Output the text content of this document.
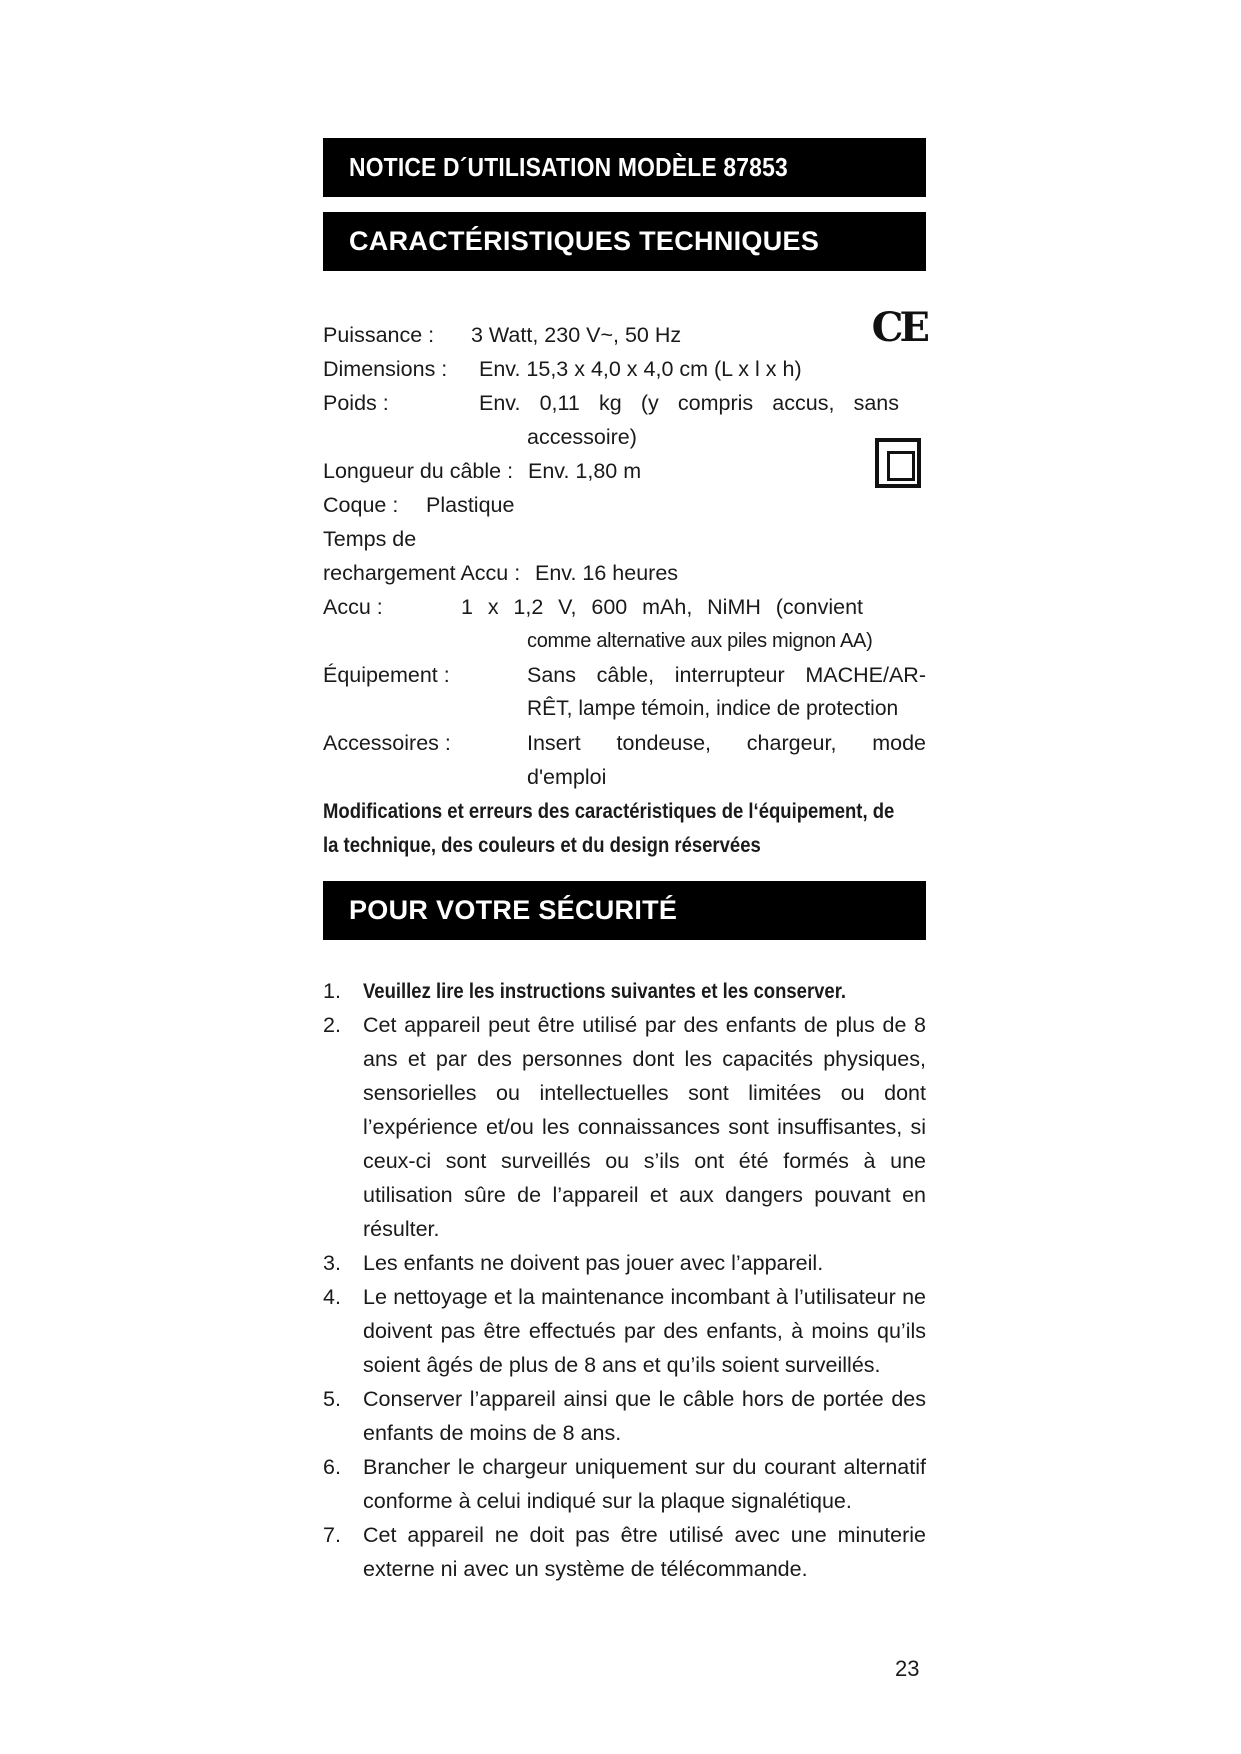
NOTICE D´UTILISATION MODÈLE 87853
CARACTÉRISTIQUES TECHNIQUES
CE
Puissance : 3 Watt, 230 V~, 50 Hz
Dimensions : Env. 15,3 x 4,0 x 4,0 cm (L x l x h)
Poids :	Env. 0,11 kg (y compris accus, sans
accessoire)
Longueur du câble : Env. 1,80 m
Coque : Plastique
Temps de
rechargement Accu : Env. 16 heures
Accu :	1 x 1,2 V, 600 mAh, NiMH (convient
comme alternative aux piles mignon AA)
Équipement :	Sans câble, interrupteur MACHE/AR-
RÊT, lampe témoin, indice de protection
Accessoires :	Insert tondeuse, chargeur, mode
d'emploi
Modifications et erreurs des caractéristiques de l‘équipement, de
la technique, des couleurs et du design réservées
POUR VOTRE SÉCURITÉ
1. Veuillez lire les instructions suivantes et les conserver.
2. Cet appareil peut être utilisé par des enfants de plus de 8 ans et par des personnes dont les capacités physiques, sensorielles ou intellectuelles sont limitées ou dont l’expérience et/ou les connaissances sont insuffisantes, si ceux-ci sont surveillés ou s’ils ont été formés à une utilisation sûre de l’appareil et aux dangers pouvant en résulter.
3. Les enfants ne doivent pas jouer avec l’appareil.
4. Le nettoyage et la maintenance incombant à l’utilisateur ne doivent pas être effectués par des enfants, à moins qu’ils soient âgés de plus de 8 ans et qu’ils soient surveillés.
5. Conserver l’appareil ainsi que le câble hors de portée des enfants de moins de 8 ans.
6. Brancher le chargeur uniquement sur du courant alternatif conforme à celui indiqué sur la plaque signalétique.
7. Cet appareil ne doit pas être utilisé avec une minuterie externe ni avec un système de télécommande.
23
